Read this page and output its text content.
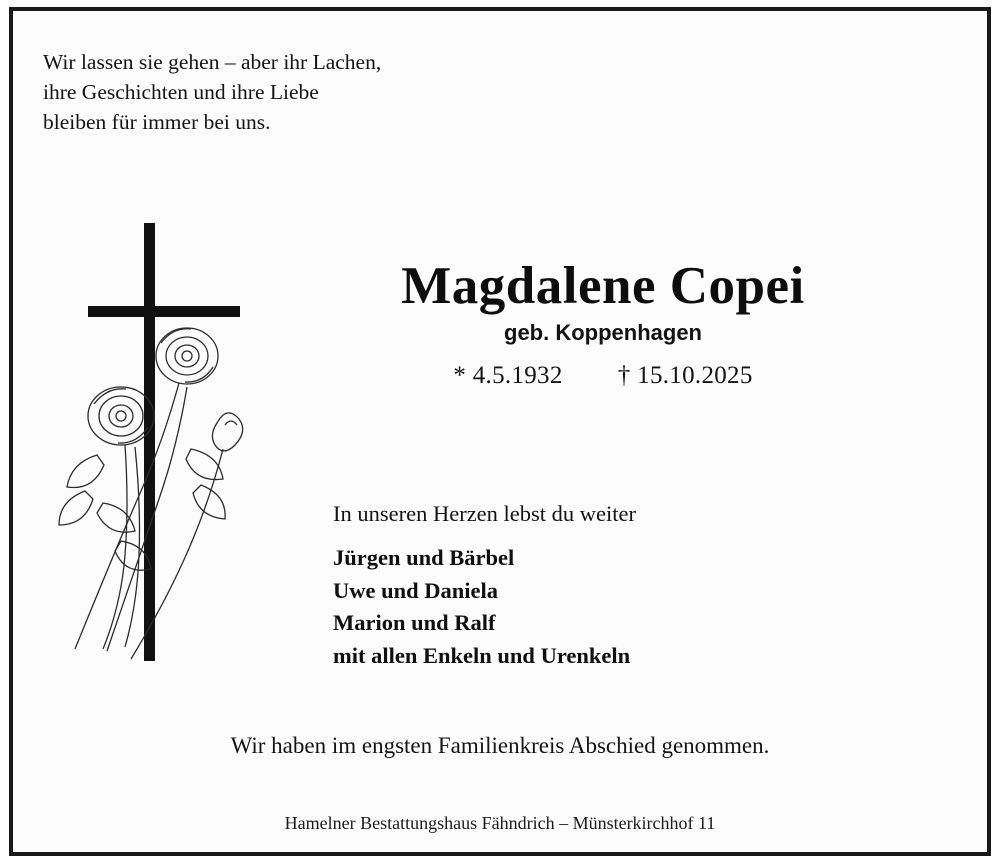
Wir lassen sie gehen – aber ihr Lachen,
ihre Geschichten und ihre Liebe
bleiben für immer bei uns.
Magdalene Copei
geb. Koppenhagen
* 4.5.1932 † 15.10.2025
In unseren Herzen lebst du weiter
Jürgen und Bärbel
Uwe und Daniela
Marion und Ralf
mit allen Enkeln und Urenkeln
Wir haben im engsten Familienkreis Abschied genommen.
Hamelner Bestattungshaus Fähndrich – Münsterkirchhof 11
